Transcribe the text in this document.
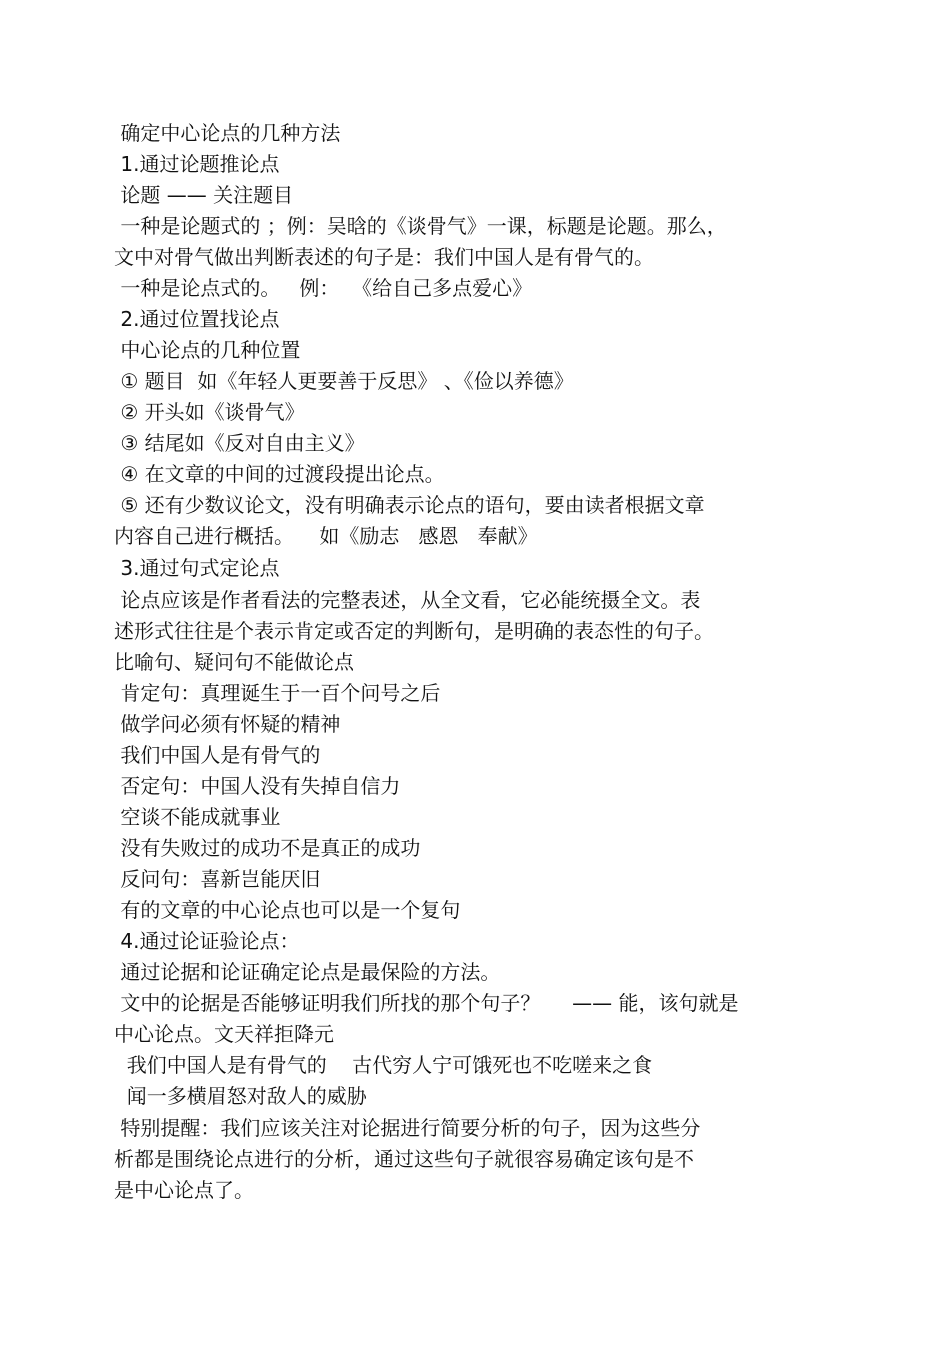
确定中心论点的几种方法
1.通过论题推论点
论题 —— 关注题目
一种是论题式的 ；例：吴晗的《谈骨气》一课，标题是论题。那么，
文中对骨气做出判断表述的句子是：我们中国人是有骨气的。
一种是论点式的。   例：  《给自己多点爱心》
2.通过位置找论点
中心论点的几种位置
① 题目  如《年轻人更要善于反思》 、《俭以养德》
② 开头如《谈骨气》
③ 结尾如《反对自由主义》
④ 在文章的中间的过渡段提出论点。
⑤ 还有少数议论文，没有明确表示论点的语句，要由读者根据文章
内容自己进行概括。    如《励志   感恩   奉献》
3.通过句式定论点
论点应该是作者看法的完整表述，从全文看，它必能统摄全文。表
述形式往往是个表示肯定或否定的判断句，是明确的表态性的句子。
比喻句、疑问句不能做论点
肯定句：真理诞生于一百个问号之后
做学问必须有怀疑的精神
我们中国人是有骨气的
否定句：中国人没有失掉自信力
空谈不能成就事业
没有失败过的成功不是真正的成功
反问句：喜新岂能厌旧
有的文章的中心论点也可以是一个复句
4.通过论证验论点：
通过论据和论证确定论点是最保险的方法。
文中的论据是否能够证明我们所找的那个句子？     —— 能，该句就是
中心论点。文天祥拒降元
我们中国人是有骨气的    古代穷人宁可饿死也不吃嗟来之食
闻一多横眉怒对敌人的威胁
特别提醒：我们应该关注对论据进行简要分析的句子，因为这些分
析都是围绕论点进行的分析，通过这些句子就很容易确定该句是不
是中心论点了。
